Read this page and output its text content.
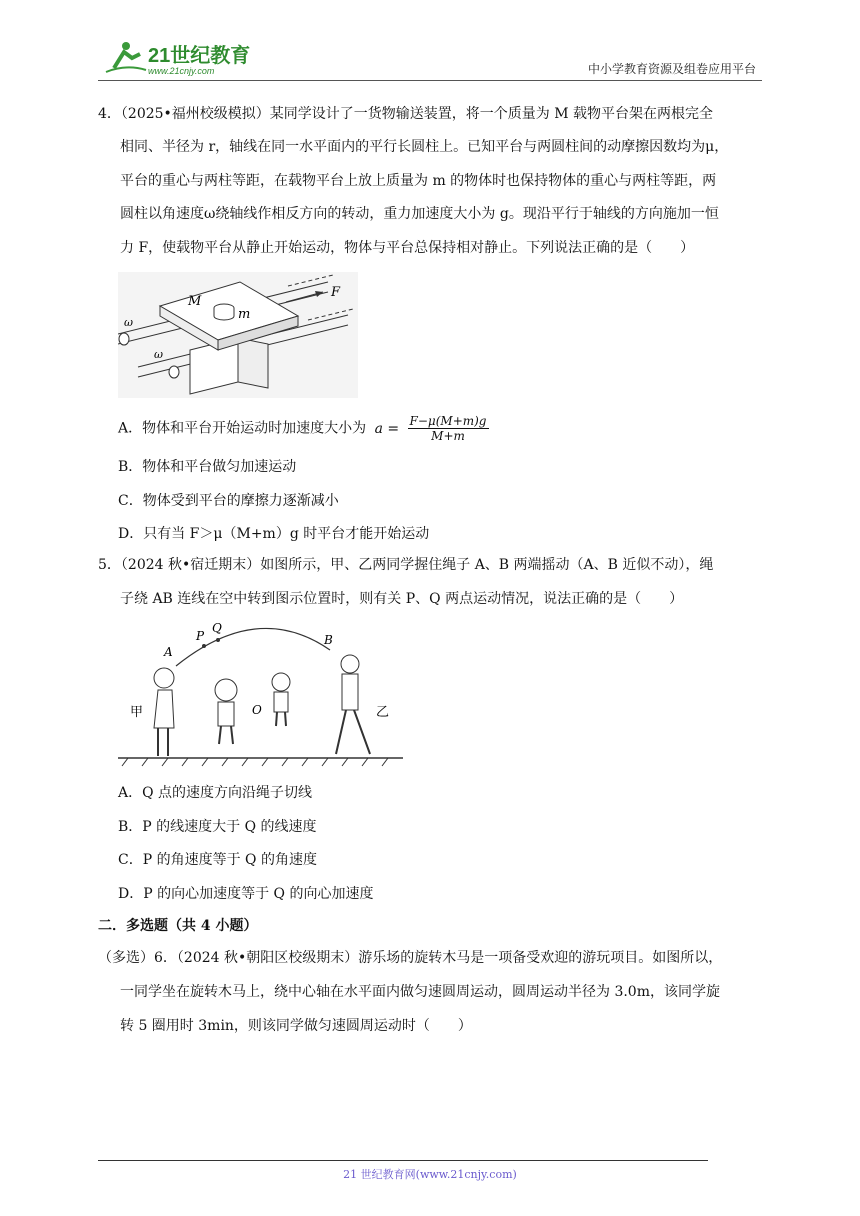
21世纪教育
www.21cnjy.com	中小学教育资源及组卷应用平台
4．（2025•福州校级模拟）某同学设计了一货物输送装置，将一个质量为 M 载物平台架在两根完全
相同、半径为 r，轴线在同一水平面内的平行长圆柱上。已知平台与两圆柱间的动摩擦因数均为μ，
平台的重心与两柱等距，在载物平台上放上质量为 m 的物体时也保持物体的重心与两柱等距，两
圆柱以角速度ω绕轴线作相反方向的转动，重力加速度大小为 g。现沿平行于轴线的方向施加一恒
力 F，使载物平台从静止开始运动，物体与平台总保持相对静止。下列说法正确的是（　　）
M
m
F
ω
ω
A．物体和平台开始运动时加速度大小为 $a = \frac{F-\mu(M+m)g}{M+m}$
B．物体和平台做匀加速运动
C．物体受到平台的摩擦力逐渐减小
D．只有当 F＞μ（M+m）g 时平台才能开始运动
5．（2024 秋•宿迁期末）如图所示，甲、乙两同学握住绳子 A、B 两端摇动（A、B 近似不动），绳
子绕 AB 连线在空中转到图示位置时，则有关 P、Q 两点运动情况，说法正确的是（　　）
A
P
Q
B
O
甲	乙
A．Q 点的速度方向沿绳子切线
B．P 的线速度大于 Q 的线速度
C．P 的角速度等于 Q 的角速度
D．P 的向心加速度等于 Q 的向心加速度
二．多选题（共 4 小题）
（多选）6．（2024 秋•朝阳区校级期末）游乐场的旋转木马是一项备受欢迎的游玩项目。如图所以，
一同学坐在旋转木马上，绕中心轴在水平面内做匀速圆周运动，圆周运动半径为 3.0m，该同学旋
转 5 圈用时 3min，则该同学做匀速圆周运动时（　　）
21 世纪教育网(www.21cnjy.com)
